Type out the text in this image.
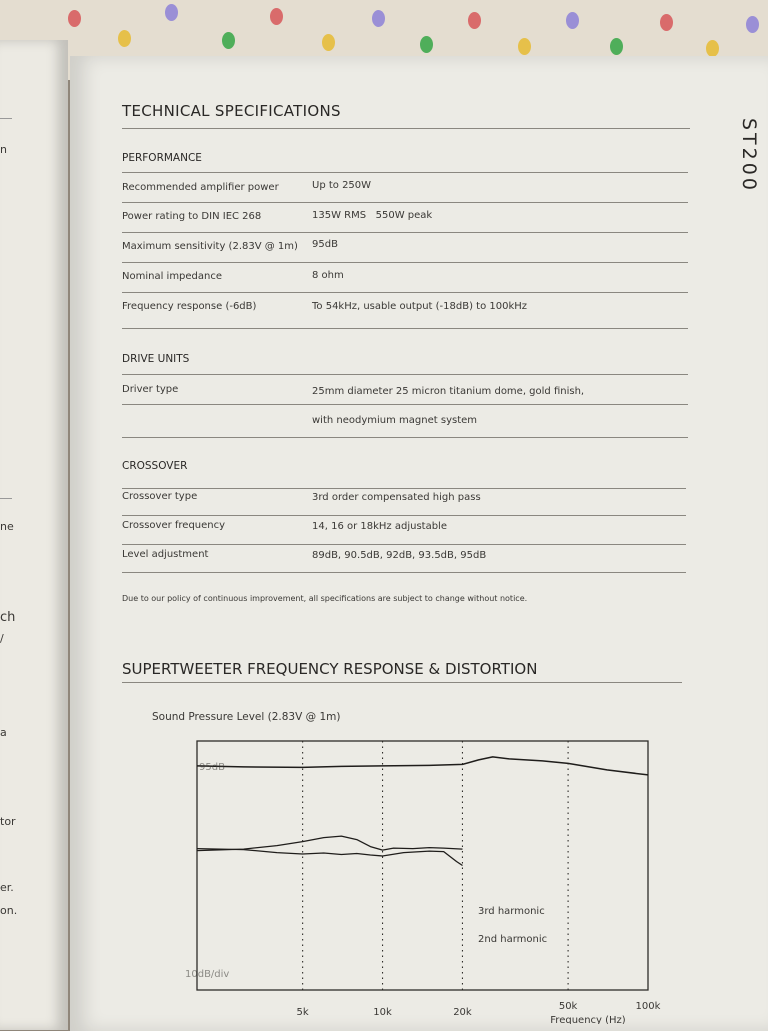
n
ne
ch
/
a
tor
er.
on.
TECHNICAL SPECIFICATIONS
ST200
PERFORMANCE
Recommended amplifier power	Up to 250W
Power rating to DIN IEC 268	135W RMS   550W peak
Maximum sensitivity (2.83V @ 1m) 95dB
Nominal impedance	8 ohm
Frequency response (-6dB)	To 54kHz, usable output (-18dB) to 100kHz
DRIVE UNITS
Driver type	25mm diameter 25 micron titanium dome, gold finish,
with neodymium magnet system
CROSSOVER
Crossover type	3rd order compensated high pass
Crossover frequency	14, 16 or 18kHz adjustable
Level adjustment	89dB, 90.5dB, 92dB, 93.5dB, 95dB
Due to our policy of continuous improvement, all specifications are subject to change without notice.
SUPERTWEETER FREQUENCY RESPONSE & DISTORTION
Sound Pressure Level (2.83V @ 1m)
5k	10k	20k
50k	100k
Frequency (Hz)
95dB
10dB/div
3rd harmonic
2nd harmonic
